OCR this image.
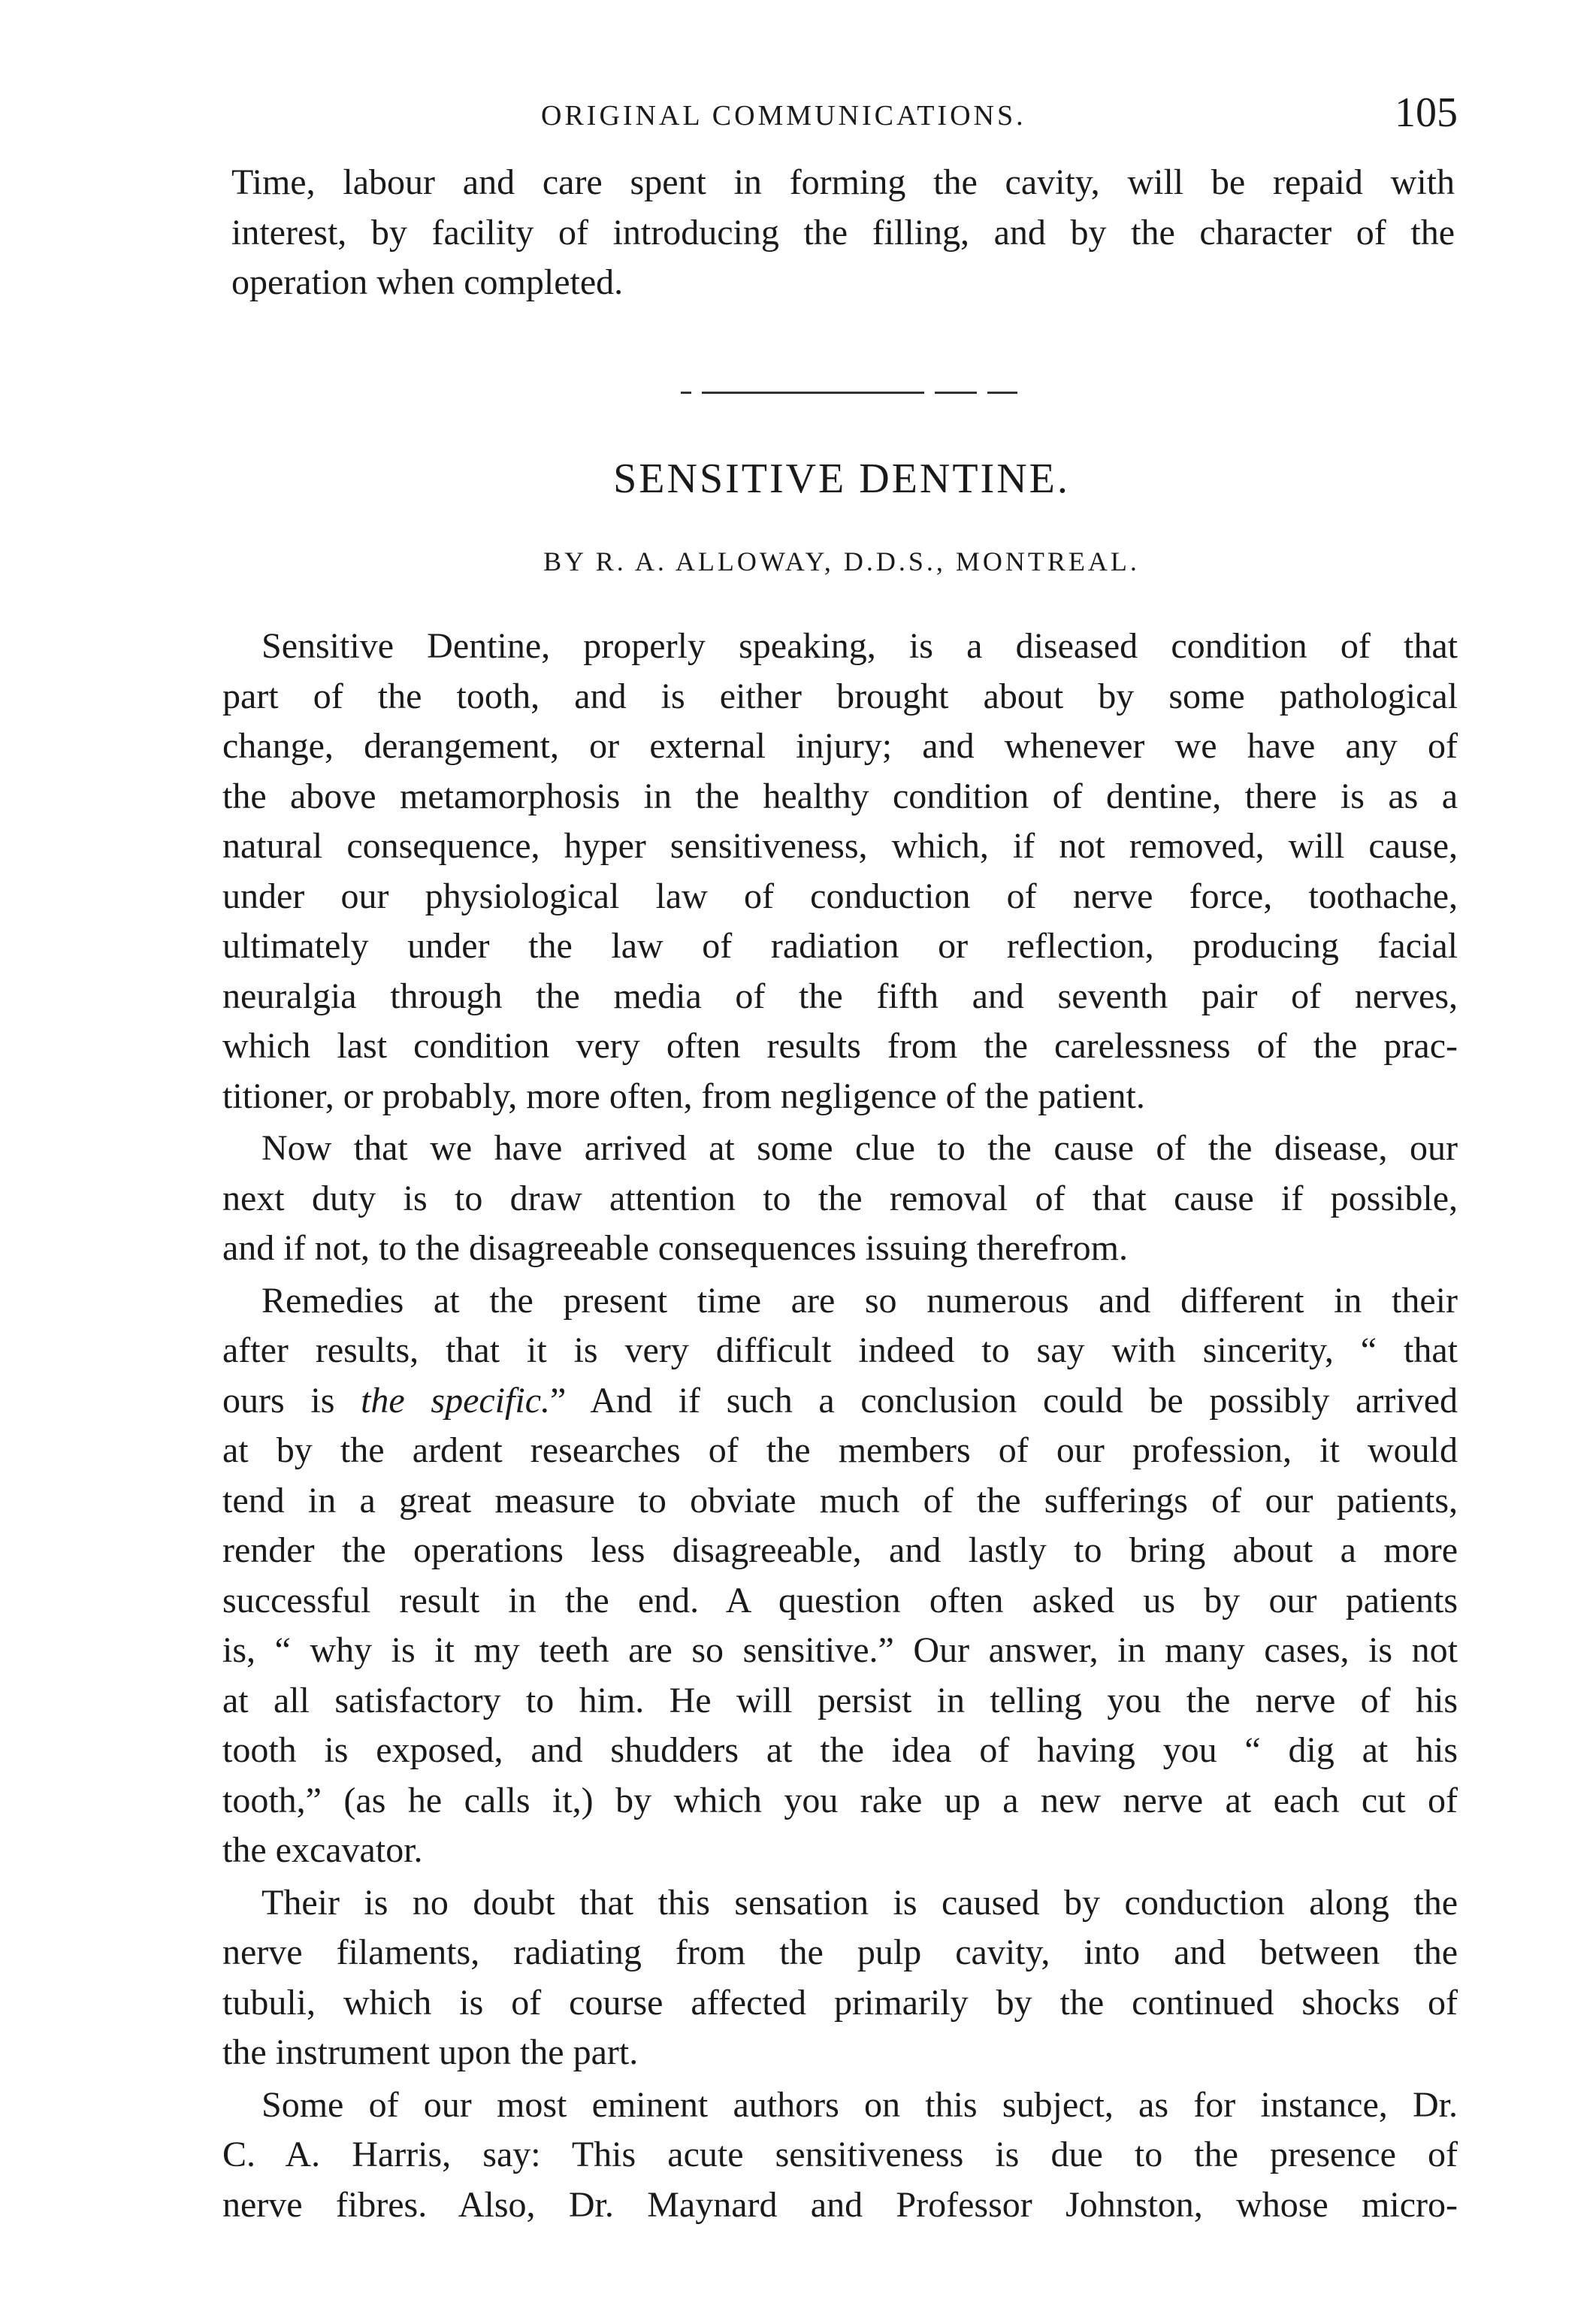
ORIGINAL COMMUNICATIONS.	105
Time, labour and care spent in forming the cavity, will be repaid with
interest, by facility of introducing the filling, and by the character of the
operation when completed.
SENSITIVE DENTINE.
BY R. A. ALLOWAY, D.D.S., MONTREAL.
Sensitive Dentine, properly speaking, is a diseased condition of that
part of the tooth, and is either brought about by some pathological
change, derangement, or external injury; and whenever we have any of
the above metamorphosis in the healthy condition of dentine, there is as a
natural consequence, hyper sensitiveness, which, if not removed, will cause,
under our physiological law of conduction of nerve force, toothache,
ultimately under the law of radiation or reflection, producing facial
neuralgia through the media of the fifth and seventh pair of nerves,
which last condition very often results from the carelessness of the prac-
titioner, or probably, more often, from negligence of the patient.
Now that we have arrived at some clue to the cause of the disease, our
next duty is to draw attention to the removal of that cause if possible,
and if not, to the disagreeable consequences issuing therefrom.
Remedies at the present time are so numerous and different in their
after results, that it is very difficult indeed to say with sincerity, “ that
ours is the specific.” And if such a conclusion could be possibly arrived
at by the ardent researches of the members of our profession, it would
tend in a great measure to obviate much of the sufferings of our patients,
render the operations less disagreeable, and lastly to bring about a more
successful result in the end. A question often asked us by our patients
is, “ why is it my teeth are so sensitive.” Our answer, in many cases, is not
at all satisfactory to him. He will persist in telling you the nerve of his
tooth is exposed, and shudders at the idea of having you “ dig at his
tooth,” (as he calls it,) by which you rake up a new nerve at each cut of
the excavator.
Their is no doubt that this sensation is caused by conduction along the
nerve filaments, radiating from the pulp cavity, into and between the
tubuli, which is of course affected primarily by the continued shocks of
the instrument upon the part.
Some of our most eminent authors on this subject, as for instance, Dr.
C. A. Harris, say: This acute sensitiveness is due to the presence of
nerve fibres. Also, Dr. Maynard and Professor Johnston, whose micro-
